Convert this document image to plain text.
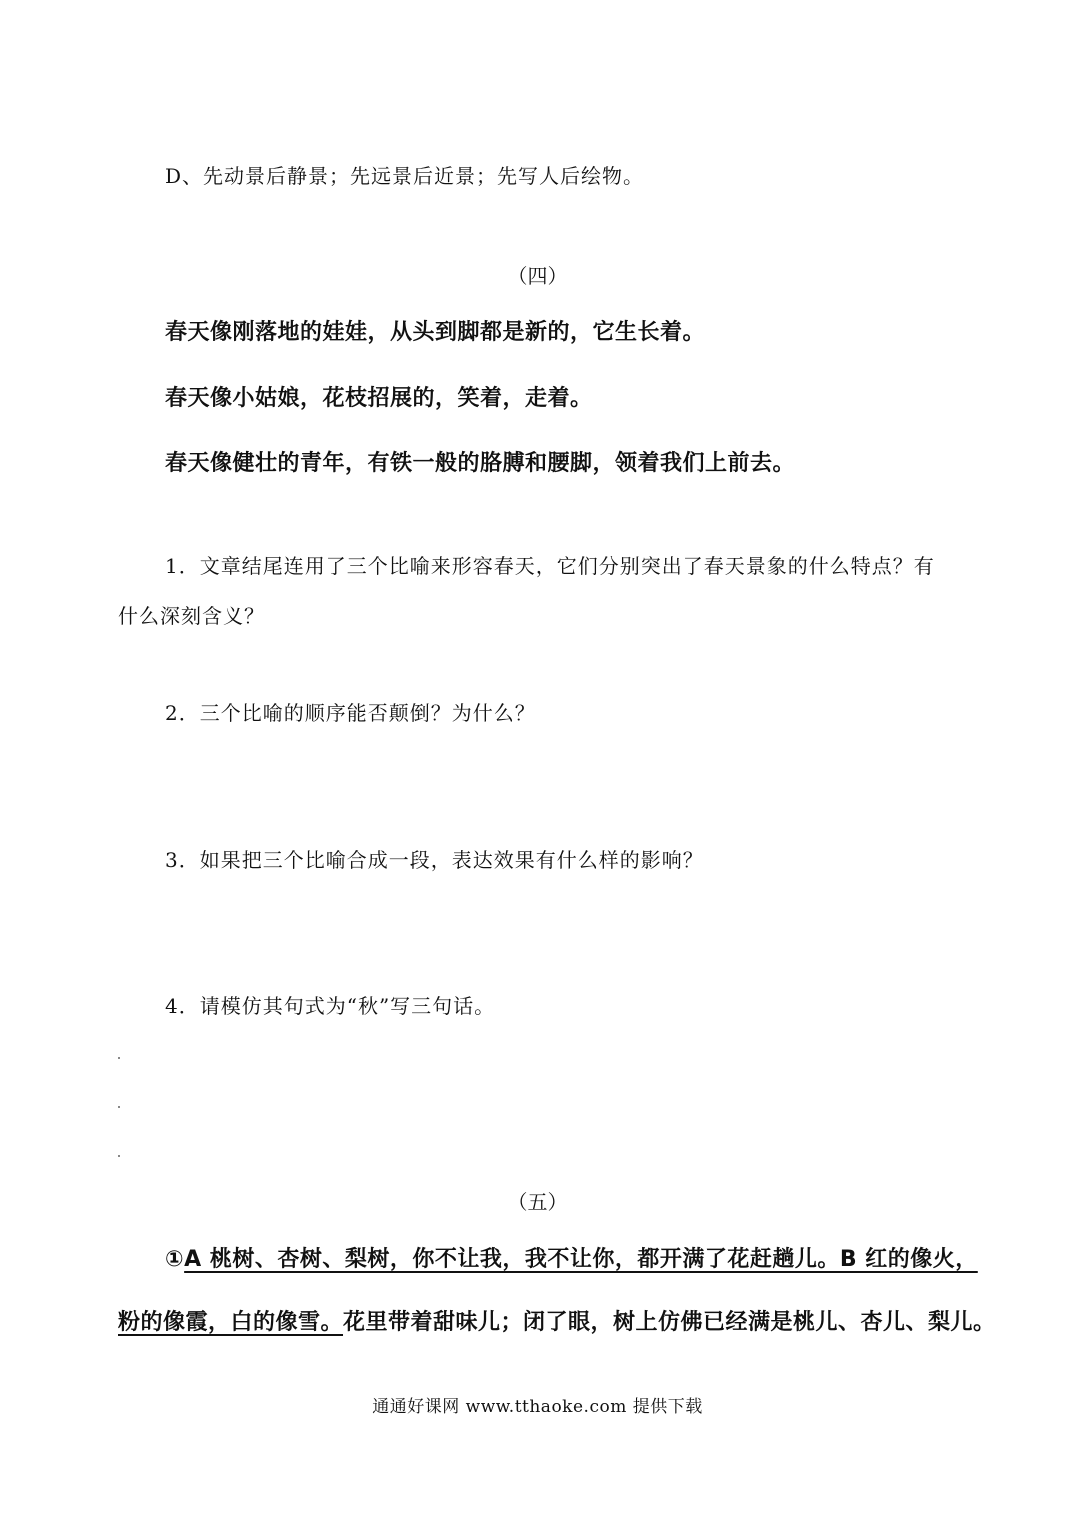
D、先动景后静景；先远景后近景；先写人后绘物。
（四）
春天像刚落地的娃娃，从头到脚都是新的，它生长着。
春天像小姑娘，花枝招展的，笑着，走着。
春天像健壮的青年，有铁一般的胳膊和腰脚，领着我们上前去。
1．文章结尾连用了三个比喻来形容春天，它们分别突出了春天景象的什么特点？有
什么深刻含义？
2．三个比喻的顺序能否颠倒？为什么？
3．如果把三个比喻合成一段，表达效果有什么样的影响？
4．请模仿其句式为“秋”写三句话。
（五）
①A 桃树、杏树、梨树，你不让我，我不让你，都开满了花赶趟儿。B 红的像火，
粉的像霞，白的像雪。花里带着甜味儿；闭了眼，树上仿佛已经满是桃儿、杏儿、梨儿。
通通好课网 www.tthaoke.com 提供下载
